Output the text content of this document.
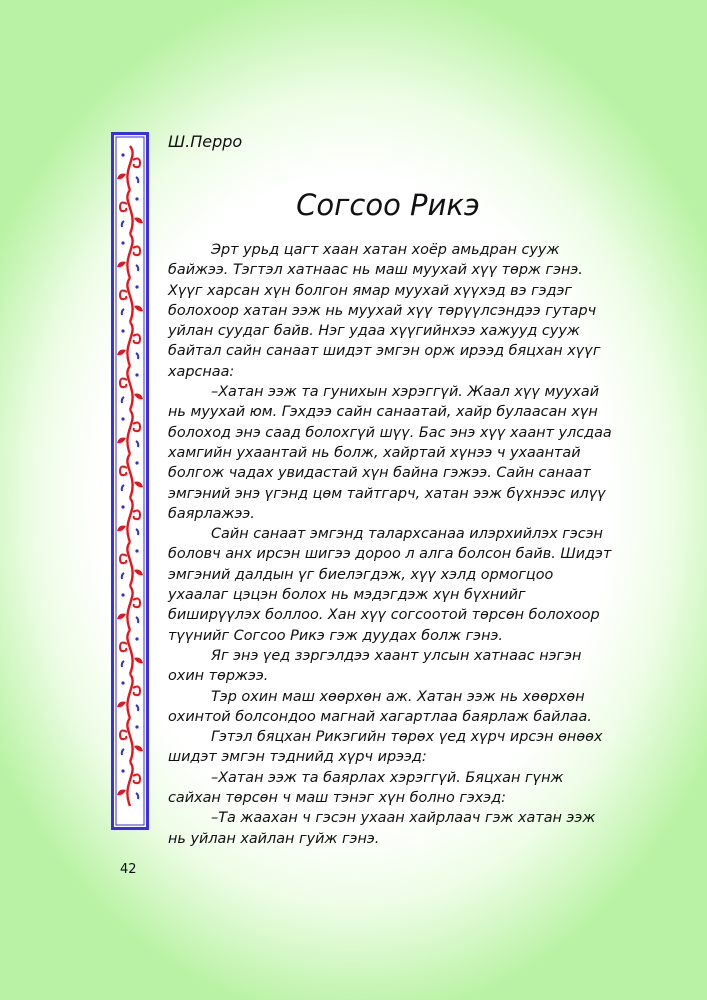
Ш.Перро

Согсоо Рикэ

Эрт урьд цагт хаан хатан хоёр амьдран сууж байжээ. Тэгтэл хатнаас нь маш муухай хүү төрж гэнэ. Хүүг харсан хүн болгон ямар муухай хүүхэд вэ гэдэг болохоор хатан ээж нь муухай хүү төрүүлсэндээ гутарч уйлан суудаг байв. Нэг удаа хүүгийнхээ хажууд сууж байтал сайн санаат шидэт эмгэн орж ирээд бяцхан хүүг харснаа:

–Хатан ээж та гунихын хэрэггүй. Жаал хүү муухай нь муухай юм. Гэхдээ сайн санаатай, хайр булаасан хүн болоход энэ саад болохгүй шүү. Бас энэ хүү хаант улсдаа хамгийн ухаантай нь болж, хайртай хүнээ ч ухаантай болгож чадах увидастай хүн байна гэжээ. Сайн санаат эмгэний энэ үгэнд цөм тайтгарч, хатан ээж бүхнээс илүү баярлажээ.

Сайн санаат эмгэнд талархсанаа илэрхийлэх гэсэн боловч анх ирсэн шигээ дороо л алга болсон байв. Шидэт эмгэний далдын үг биелэгдэж, хүү хэлд ормогцоо ухаалаг цэцэн болох нь мэдэгдэж хүн бүхнийг биширүүлэх боллоо. Хан хүү согсоотой төрсөн болохоор түүнийг Согсоо Рикэ гэж дуудах болж гэнэ.

Яг энэ үед зэргэлдээ хаант улсын хатнаас нэгэн охин төржээ.

Тэр охин маш хөөрхөн аж. Хатан ээж нь хөөрхөн охинтой болсондоо магнай хагартлаа баярлаж байлаа.

Гэтэл бяцхан Рикэгийн төрөх үед хүрч ирсэн өнөөх шидэт эмгэн тэднийд хүрч ирээд:

–Хатан ээж та баярлах хэрэггүй. Бяцхан гүнж сайхан төрсөн ч маш тэнэг хүн болно гэхэд:

–Та жаахан ч гэсэн ухаан хайрлаач гэж хатан ээж нь уйлан хайлан гуйж гэнэ.

42
